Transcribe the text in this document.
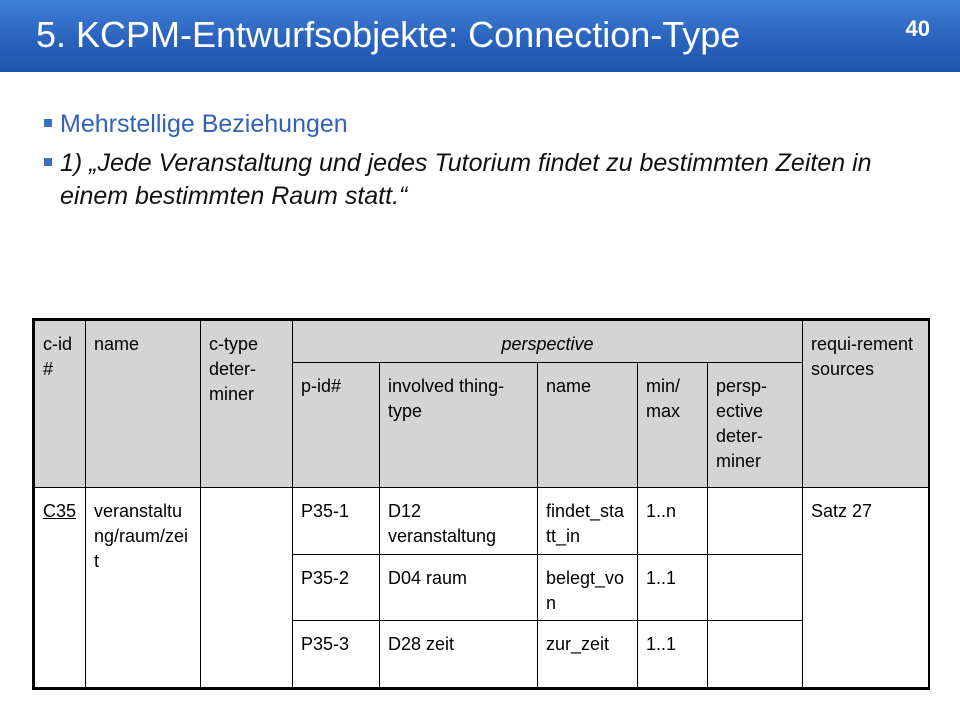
5. KCPM-Entwurfsobjekte: Connection-Type	40
Mehrstellige Beziehungen
1) „Jede Veranstaltung und jedes Tutorium findet zu bestimmten Zeiten in einem bestimmten Raum statt.“
c-id #	name	c-type deter-miner	perspective					requi-rement sources
			p-id#	involved thing-type	name	min/ max	persp-ective deter-miner	
C35	veranstaltung/raum/zeit		P35-1	D12 veranstaltung	findet_statt_in	1..n		Satz 27
			P35-2	D04 raum	belegt_von	1..1		
			P35-3	D28 zeit	zur_zeit	1..1		
